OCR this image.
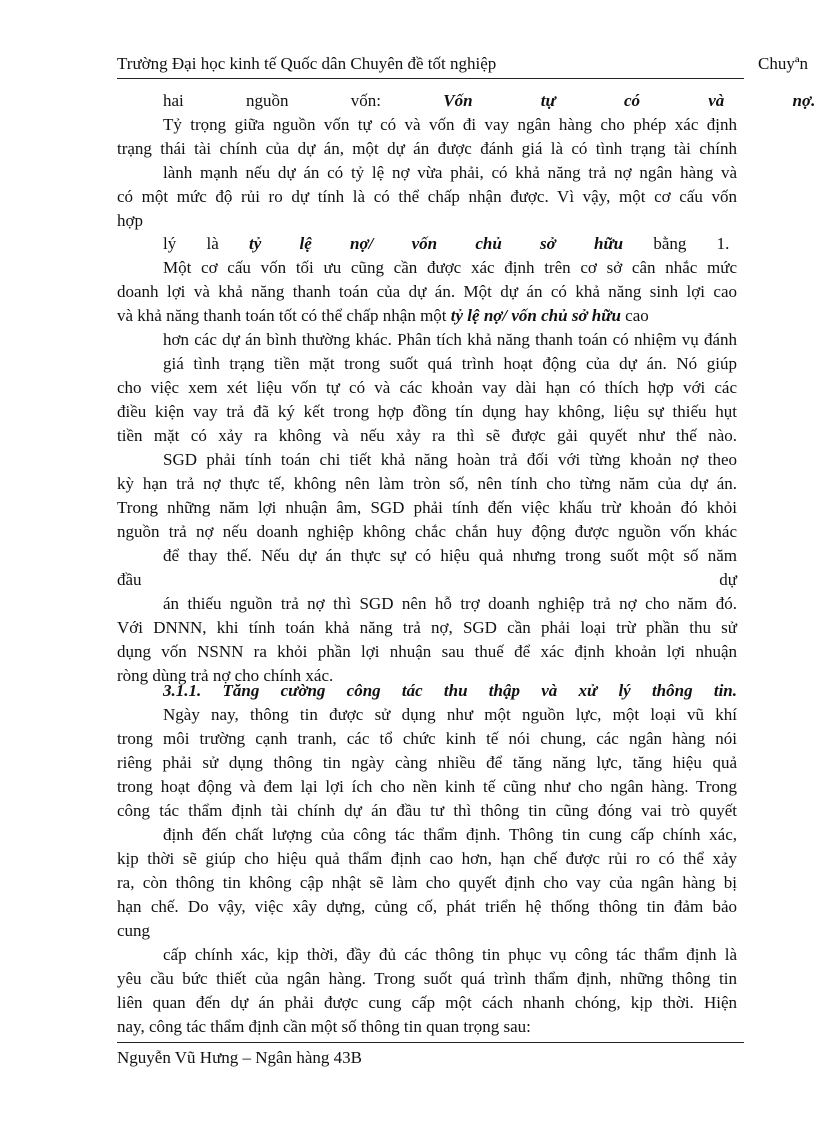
Trường Đại học kinh tế Quốc dân Chuyên đề tốt nghiệp	Chuyªn
hai nguồn vốn:	Vốn tự có và nợ.
Tỷ trọng giữa nguồn vốn tự có và vốn đi vay ngân hàng cho phép xác định
trạng thái tài chính của dự án, một dự án được đánh giá là có tình trạng tài chính
lành mạnh nếu dự án có tỷ lệ nợ vừa phải, có khả năng trả nợ ngân hàng và
có một mức độ rủi ro dự tính là có thể chấp nhận được. Vì vậy, một cơ cấu vốn
hợp
lý là tỷ lệ nợ/ vốn chủ sở hữu bằng 1.
Một cơ cấu vốn tối ưu cũng cần được xác định trên cơ sở cân nhắc mức
doanh lợi và khả năng thanh toán của dự án. Một dự án có khả năng sinh lợi cao
và khả năng thanh toán tốt có thể chấp nhận một tỷ lệ nợ/ vốn chủ sở hữu cao
hơn các dự án bình thường khác. Phân tích khả năng thanh toán có nhiệm vụ đánh
giá tình trạng tiền mặt trong suốt quá trình hoạt động của dự án. Nó giúp
cho việc xem xét liệu vốn tự có và các khoản vay dài hạn có thích hợp với các
điều kiện vay trả đã ký kết trong hợp đồng tín dụng hay không, liệu sự thiếu hụt
tiền mặt có xảy ra không và nếu xảy ra thì sẽ được gải quyết như thế nào.
SGD phải tính toán chi tiết khả năng hoàn trả đối với từng khoản nợ theo
kỳ hạn trả nợ thực tế, không nên làm tròn số, nên tính cho từng năm của dự án.
Trong những năm lợi nhuận âm, SGD phải tính đến việc khấu trừ khoản đó khỏi
nguồn trả nợ nếu doanh nghiệp không chắc chắn huy động được nguồn vốn khác
để thay thế. Nếu dự án thực sự có hiệu quả nhưng trong suốt một số năm
đầu	dự
án thiếu nguồn trả nợ thì SGD nên hỗ trợ doanh nghiệp trả nợ cho năm đó.
Với DNNN, khi tính toán khả năng trả nợ, SGD cần phải loại trừ phần thu sử
dụng vốn NSNN ra khỏi phần lợi nhuận sau thuế để xác định khoản lợi nhuận
ròng dùng trả nợ cho chính xác.
3.1.1. Tăng cường công tác thu thập và xử lý thông tin.
Ngày nay, thông tin được sử dụng như một nguồn lực, một loại vũ khí
trong môi trường cạnh tranh, các tổ chức kinh tế nói chung, các ngân hàng nói
riêng phải sử dụng thông tin ngày càng nhiều để tăng năng lực, tăng hiệu quả
trong hoạt động và đem lại lợi ích cho nền kinh tế cũng như cho ngân hàng. Trong
công tác thẩm định tài chính dự án đầu tư thì thông tin cũng đóng vai trò quyết
định đến chất lượng của công tác thẩm định. Thông tin cung cấp chính xác,
kịp thời sẽ giúp cho hiệu quả thẩm định cao hơn, hạn chế được rủi ro có thể xảy
ra, còn thông tin không cập nhật sẽ làm cho quyết định cho vay của ngân hàng bị
hạn chế. Do vậy, việc xây dựng, củng cố, phát triển hệ thống thông tin đảm bảo
cung
cấp chính xác, kịp thời, đầy đủ các thông tin phục vụ công tác thẩm định là
yêu cầu bức thiết của ngân hàng. Trong suốt quá trình thẩm định, những thông tin
liên quan đến dự án phải được cung cấp một cách nhanh chóng, kịp thời. Hiện
nay, công tác thẩm định cần một số thông tin quan trọng sau:
Nguyễn Vũ Hưng – Ngân hàng 43B
